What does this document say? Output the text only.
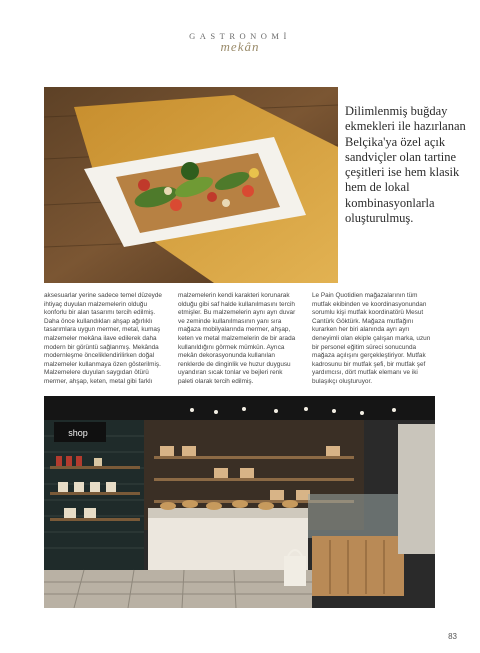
GASTRONOMİ
mekân

Dilimlenmiş buğday ekmekleri ile hazırlanan Belçika'ya özel açık sandviçler olan tartine çeşitleri ise hem klasik hem de lokal kombinasyonlarla oluşturulmuş.

aksesuarlar yerine sadece temel düzeyde ihtiyaç duyulan malzemelerin olduğu konforlu bir alan tasarımı tercih edilmiş. Daha önce kullandıkları ahşap ağırlıklı tasarımlara uygun mermer, metal, kumaş malzemeler mekâna ilave edilerek daha modern bir görüntü sağlanmış. Mekânda modernleşme önceliklendirilirken doğal malzemeler kullanmaya özen gösterilmiş. Malzemelere duyulan saygıdan ötürü mermer, ahşap, keten, metal gibi farklı

malzemelerin kendi karakteri korunarak olduğu gibi saf halde kullanılmasını tercih etmişler. Bu malzemelerin aynı ayrı duvar ve zeminde kullanılmasının yanı sıra mağaza mobilyalarında mermer, ahşap, keten ve metal malzemelerin de bir arada kullanıldığını görmek mümkün. Ayrıca mekân dekorasyonunda kullanılan renklerde de dinginlik ve huzur duygusu uyandıran sıcak tonlar ve bejleri renk paleti olarak tercih edilmiş.

Le Pain Quotidien mağazalarının tüm mutfak ekibinden ve koordinasyonundan sorumlu kişi mutfak koordinatörü Mesut Cantürk Göktürk. Mağaza mutfağını kurarken her biri alanında ayrı ayrı deneyimli olan ekiple çalışan marka, uzun bir personel eğitim süreci sonucunda mağaza açılışını gerçekleştiriyor. Mutfak kadrosunu bir mutfak şefi, bir mutfak şef yardımcısı, dört mutfak elemanı ve iki bulaşıkçı oluşturuyor.

shop
83
